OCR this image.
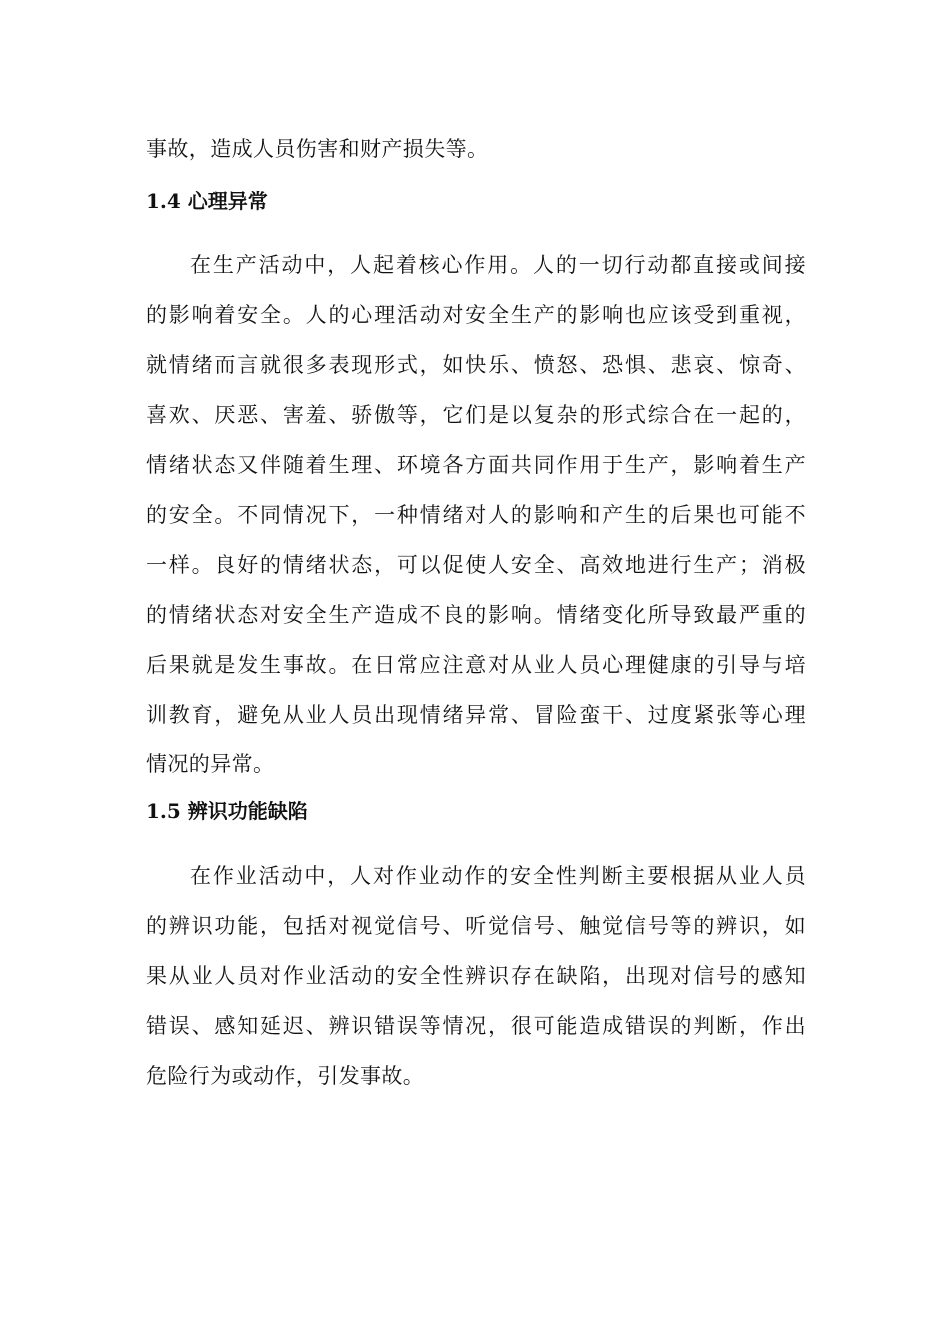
事故，造成人员伤害和财产损失等。
1.4 心理异常
在生产活动中，人起着核心作用。人的一切行动都直接或间接
的影响着安全。人的心理活动对安全生产的影响也应该受到重视，
就情绪而言就很多表现形式，如快乐、愤怒、恐惧、悲哀、惊奇、
喜欢、厌恶、害羞、骄傲等，它们是以复杂的形式综合在一起的，
情绪状态又伴随着生理、环境各方面共同作用于生产，影响着生产
的安全。不同情况下，一种情绪对人的影响和产生的后果也可能不
一样。良好的情绪状态，可以促使人安全、高效地进行生产；消极
的情绪状态对安全生产造成不良的影响。情绪变化所导致最严重的
后果就是发生事故。在日常应注意对从业人员心理健康的引导与培
训教育，避免从业人员出现情绪异常、冒险蛮干、过度紧张等心理
情况的异常。
1.5 辨识功能缺陷
在作业活动中，人对作业动作的安全性判断主要根据从业人员
的辨识功能，包括对视觉信号、听觉信号、触觉信号等的辨识，如
果从业人员对作业活动的安全性辨识存在缺陷，出现对信号的感知
错误、感知延迟、辨识错误等情况，很可能造成错误的判断，作出
危险行为或动作，引发事故。
